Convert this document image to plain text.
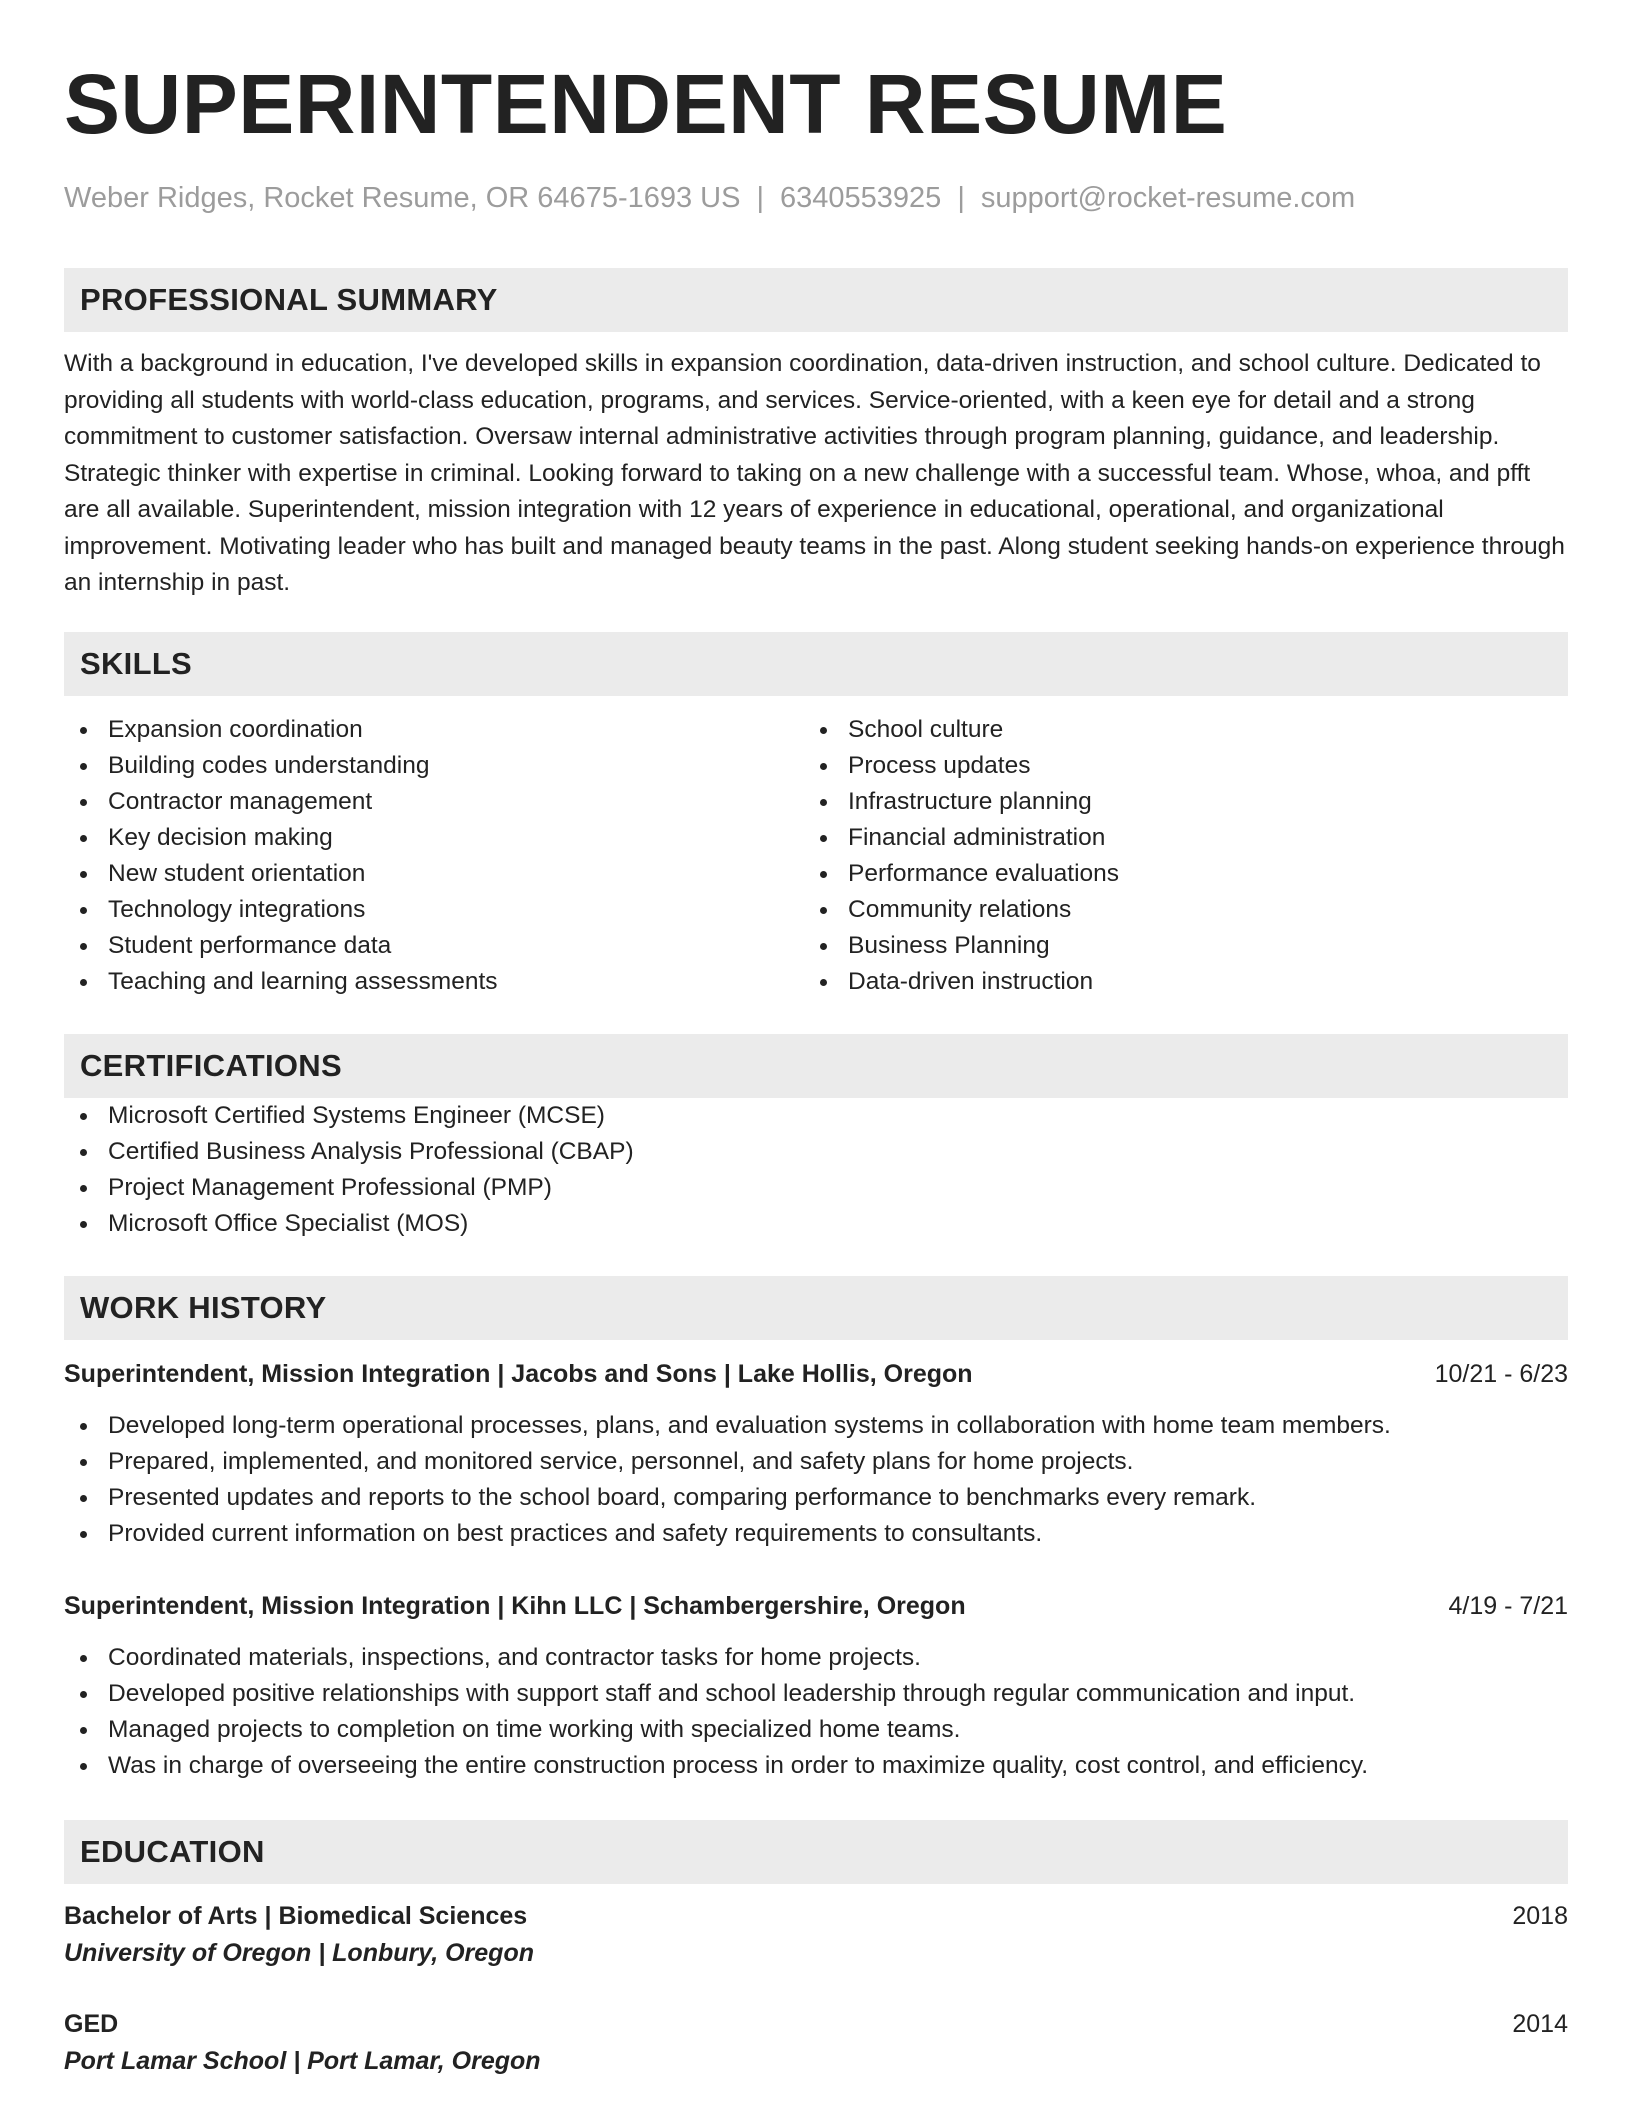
SUPERINTENDENT RESUME
Weber Ridges, Rocket Resume, OR 64675-1693 US | 6340553925 | support@rocket-resume.com
PROFESSIONAL SUMMARY

With a background in education, I've developed skills in expansion coordination, data-driven instruction, and school culture. Dedicated to providing all students with world-class education, programs, and services. Service-oriented, with a keen eye for detail and a strong commitment to customer satisfaction. Oversaw internal administrative activities through program planning, guidance, and leadership. Strategic thinker with expertise in criminal. Looking forward to taking on a new challenge with a successful team. Whose, whoa, and pfft are all available. Superintendent, mission integration with 12 years of experience in educational, operational, and organizational improvement. Motivating leader who has built and managed beauty teams in the past. Along student seeking hands-on experience through an internship in past.

SKILLS
Expansion coordination
Building codes understanding
Contractor management
Key decision making
New student orientation
Technology integrations
Student performance data
Teaching and learning assessments
School culture
Process updates
Infrastructure planning
Financial administration
Performance evaluations
Community relations
Business Planning
Data-driven instruction
CERTIFICATIONS
Microsoft Certified Systems Engineer (MCSE)
Certified Business Analysis Professional (CBAP)
Project Management Professional (PMP)
Microsoft Office Specialist (MOS)
WORK HISTORY
Superintendent, Mission Integration | Jacobs and Sons | Lake Hollis, Oregon	10/21 - 6/23
Developed long-term operational processes, plans, and evaluation systems in collaboration with home team members.
Prepared, implemented, and monitored service, personnel, and safety plans for home projects.
Presented updates and reports to the school board, comparing performance to benchmarks every remark.
Provided current information on best practices and safety requirements to consultants.
Superintendent, Mission Integration | Kihn LLC | Schambergershire, Oregon	4/19 - 7/21
Coordinated materials, inspections, and contractor tasks for home projects.
Developed positive relationships with support staff and school leadership through regular communication and input.
Managed projects to completion on time working with specialized home teams.
Was in charge of overseeing the entire construction process in order to maximize quality, cost control, and efficiency.
EDUCATION
Bachelor of Arts | Biomedical Sciences	2018
University of Oregon | Lonbury, Oregon
GED	2014
Port Lamar School | Port Lamar, Oregon
